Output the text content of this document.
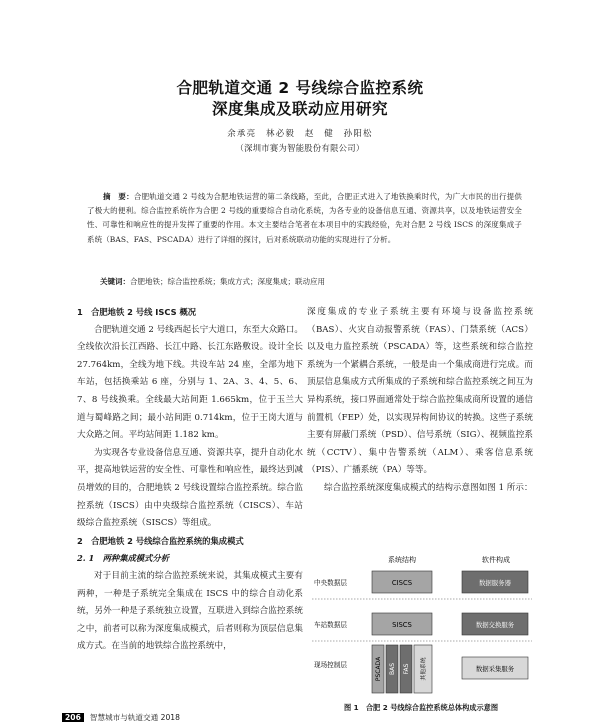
合肥轨道交通 2 号线综合监控系统
深度集成及联动应用研究
余承亮　林必毅　赵　健　孙阳松
（深圳市赛为智能股份有限公司）
摘　要：合肥轨道交通 2 号线为合肥地铁运营的第二条线路，至此，合肥正式进入了地铁换乘时代，为广大市民的出行提供了极大的便利。综合监控系统作为合肥 2 号线的重要综合自动化系统，为各专业的设备信息互通、资源共享，以及地铁运营安全性、可靠性和响应性的提升发挥了重要的作用。本文主要结合笔者在本项目中的实践经验，先对合肥 2 号线 ISCS 的深度集成子系统（BAS、FAS、PSCADA）进行了详细的探讨，后对系统联动功能的实现进行了分析。
关键词：合肥地铁；综合监控系统；集成方式；深度集成；联动应用
1　合肥地铁 2 号线 ISCS 概况

合肥轨道交通 2 号线西起长宁大道口，东至大众路口。全线依次沿长江西路、长江中路、长江东路敷设。设计全长 27.764km，全线为地下线。共设车站 24 座，全部为地下车站，包括换乘站 6 座，分别与 1、2A、3、4、5、6、7、8 号线换乘。全线最大站间距 1.665km，位于玉兰大道与蜀峰路之间；最小站间距 0.714km，位于王岗大道与大众路之间。平均站间距 1.182 km。

为实现各专业设备信息互通、资源共享，提升自动化水平，提高地铁运营的安全性、可靠性和响应性，最终达到减员增效的目的，合肥地铁 2 号线设置综合监控系统。综合监控系统（ISCS）由中央级综合监控系统（CISCS）、车站级综合监控系统（SISCS）等组成。

2　合肥地铁 2 号线综合监控系统的集成模式
2. 1　两种集成模式分析

对于目前主流的综合监控系统来说，其集成模式主要有两种，一种是子系统完全集成在 ISCS 中的综合自动化系统，另外一种是子系统独立设置，互联进入到综合监控系统之中，前者可以称为深度集成模式，后者则称为顶层信息集成方式。在当前的地铁综合监控系统中，

深度集成的专业子系统主要有环境与设备监控系统（BAS）、火灾自动报警系统（FAS）、门禁系统（ACS）以及电力监控系统（PSCADA）等，这些系统和综合监控系统为一个紧耦合系统，一般是由一个集成商进行完成。而顶层信息集成方式所集成的子系统和综合监控系统之间互为异构系统，接口界面通常处于综合监控集成商所设置的通信前置机（FEP）处，以实现异构间协议的转换。这些子系统主要有屏蔽门系统（PSD）、信号系统（SIG）、视频监控系统（CCTV）、集中告警系统（ALM）、乘客信息系统（PIS）、广播系统（PA）等等。

综合监控系统深度集成模式的结构示意图如图 1 所示：

系统结构	软件构成
中央数据层
车站数据层
现场控制层
CISCS
SISCS
PSCADA BAS FAS	其他系统
数据服务器
数据交换服务
数据采集服务
图 1　合肥 2 号线综合监控系统总体构成示意图
206 智慧城市与轨道交通 2018
